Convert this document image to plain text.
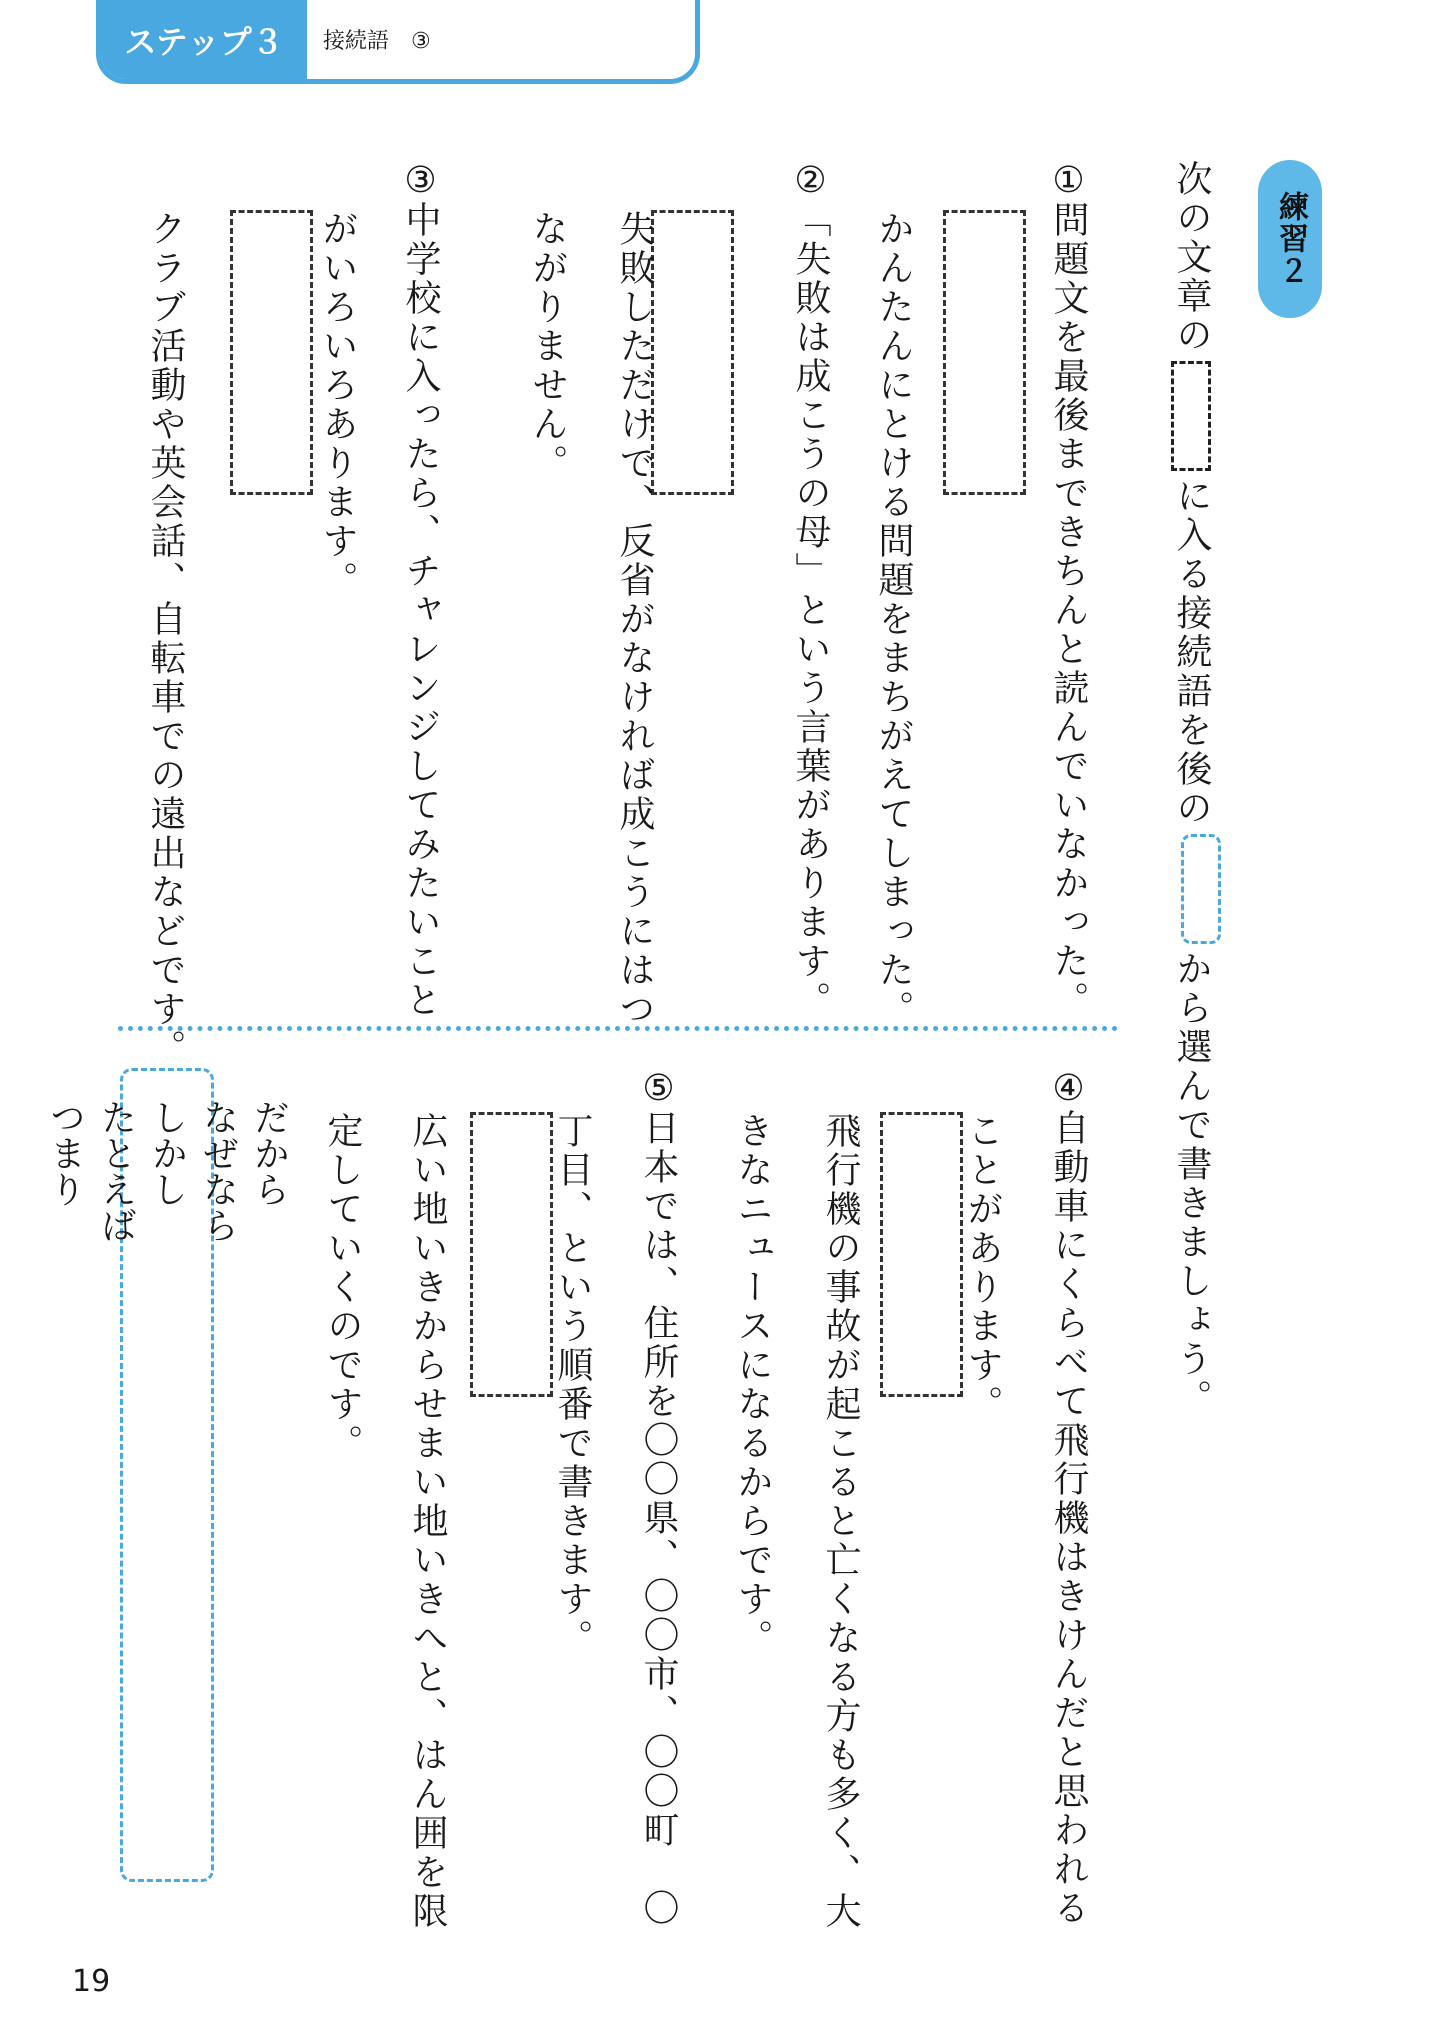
ステップ３	接続語　③
練習２
次の文章のに入る接続語を後のから選んで書きましょう。
①問題文を最後まできちんと読んでいなかった。
かんたんにとける問題をまちがえてしまった。
②「失敗は成こうの母」という言葉があります。
失敗しただけで、反省がなければ成こうにはつ
ながりません。
③中学校に入ったら、チャレンジしてみたいこと
がいろいろあります。
クラブ活動や英会話、自転車での遠出などです。
④自動車にくらべて飛行機はきけんだと思われる
ことがあります。
飛行機の事故が起こると亡くなる方も多く、大
きなニュースになるからです。
⑤日本では、住所を〇〇県、〇〇市、〇〇町　〇
丁目、という順番で書きます。
広い地いきからせまい地いきへと、はん囲を限
定していくのです。
だから
なぜなら
しかし
たとえば
つまり
19
